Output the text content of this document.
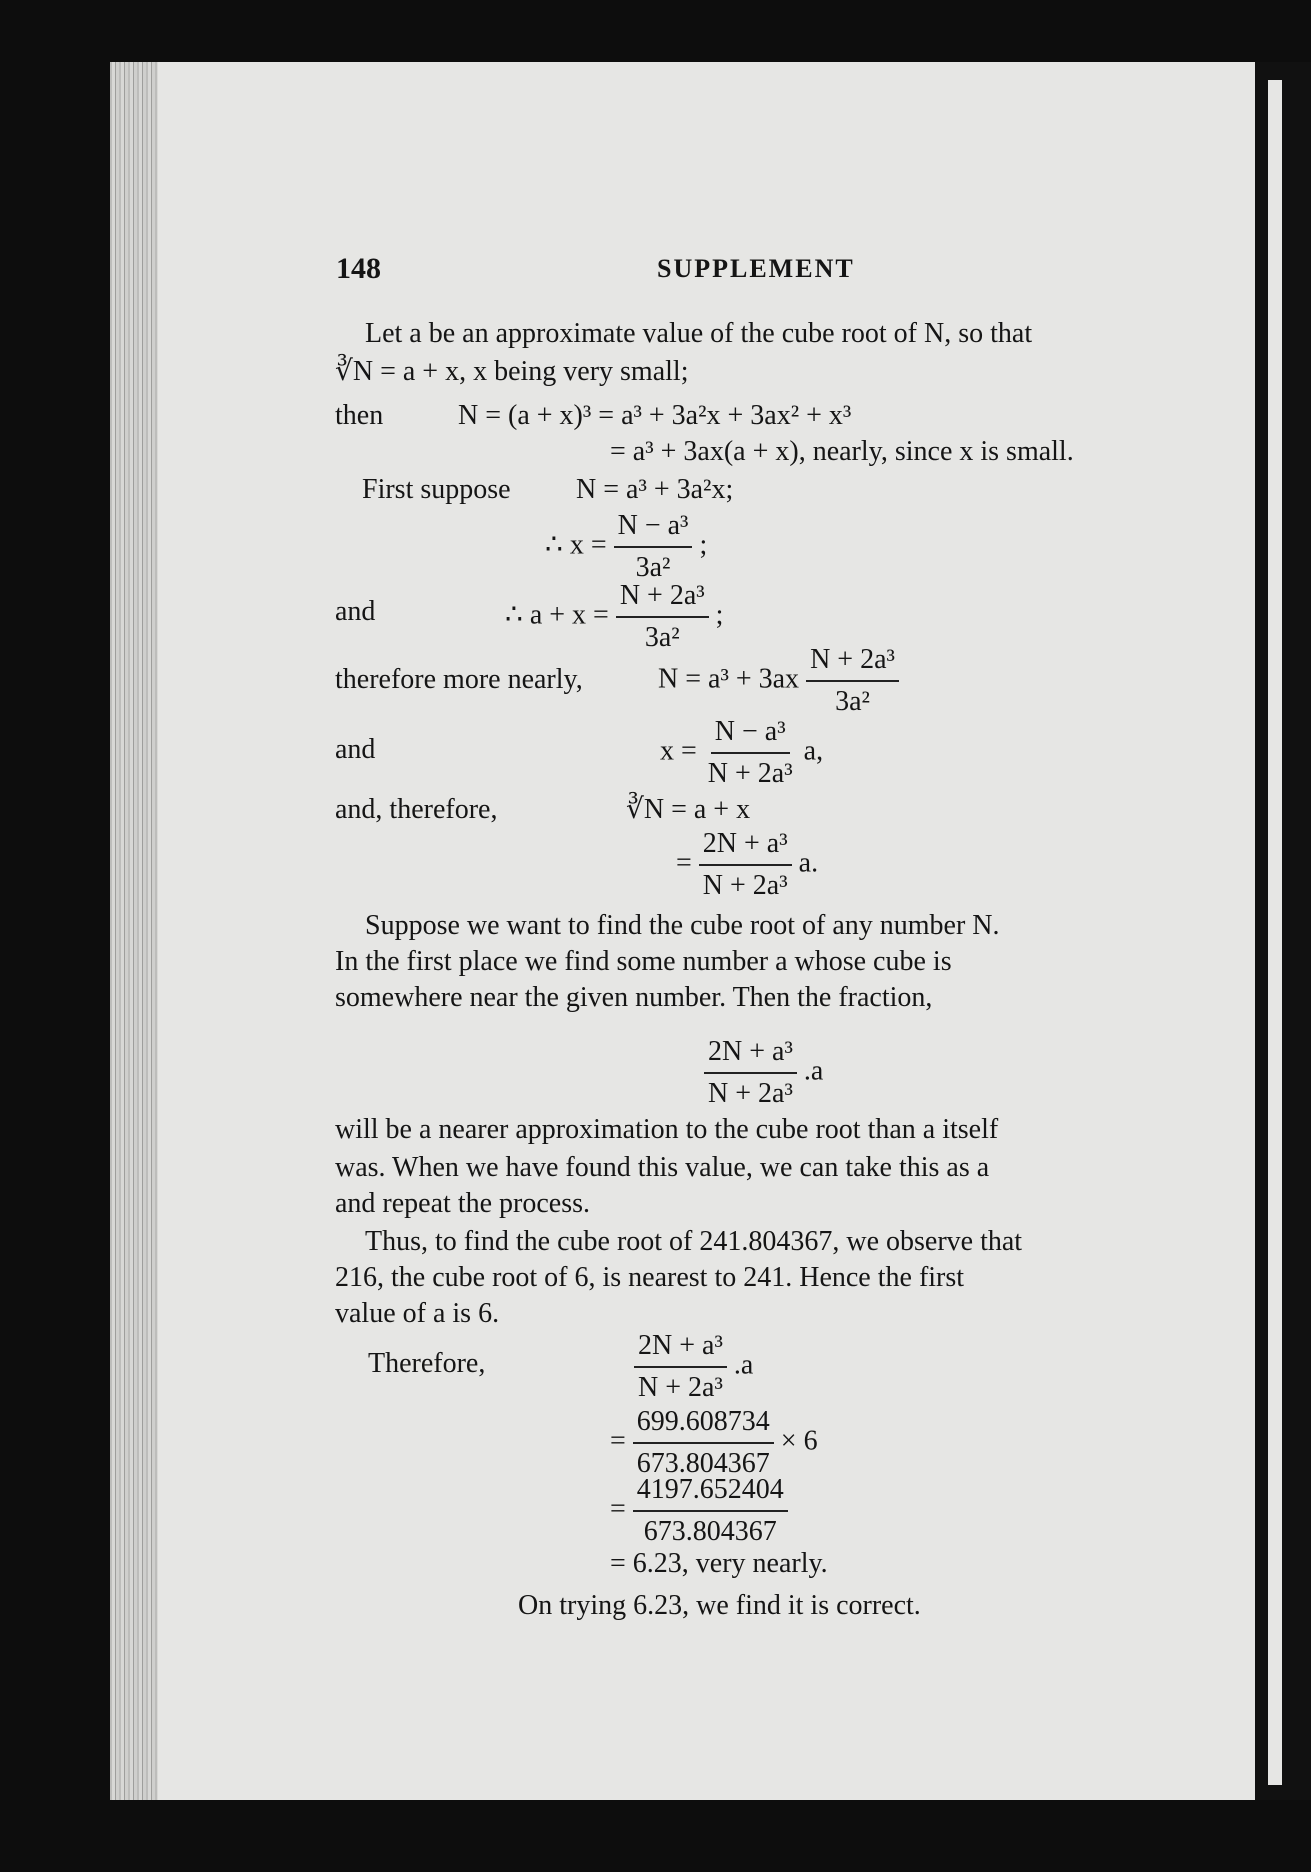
148	SUPPLEMENT
Let a be an approximate value of the cube root of N, so that
∛N = a + x, x being very small;
then	N = (a + x)³ = a³ + 3a²x + 3ax² + x³
= a³ + 3ax(a + x), nearly, since x is small.
First suppose N = a³ + 3a²x;
∴ $x = \frac{\text{N − a³}}{\text{3a²}}$ ;
and	∴ $a + x = \frac{\text{N + 2a³}}{\text{3a²}}$ ;
therefore more nearly,	$N = a^3 + 3ax \frac{\text{N + 2a³}}{\text{3a²}}$
and	$x = \frac{\text{N − a³}}{\text{N + 2a³}} a$,
and, therefore,	∛N = a + x
= $\frac{\text{2N + a³}}{\text{N + 2a³}} a$.
Suppose we want to find the cube root of any number N.
In the first place we find some number a whose cube is
somewhere near the given number. Then the fraction,
$\frac{\text{2N + a³}}{\text{N + 2a³}} .a$
will be a nearer approximation to the cube root than a itself
was. When we have found this value, we can take this as a
and repeat the process.
Thus, to find the cube root of 241.804367, we observe that
216, the cube root of 6, is nearest to 241. Hence the first
value of a is 6.
Therefore,	$\frac{\text{2N + a³}}{\text{N + 2a³}} .a$
= $\frac{699.608734}{673.804367} \times 6$
= $\frac{4197.652404}{673.804367}$
= 6.23, very nearly.
On trying 6.23, we find it is correct.
